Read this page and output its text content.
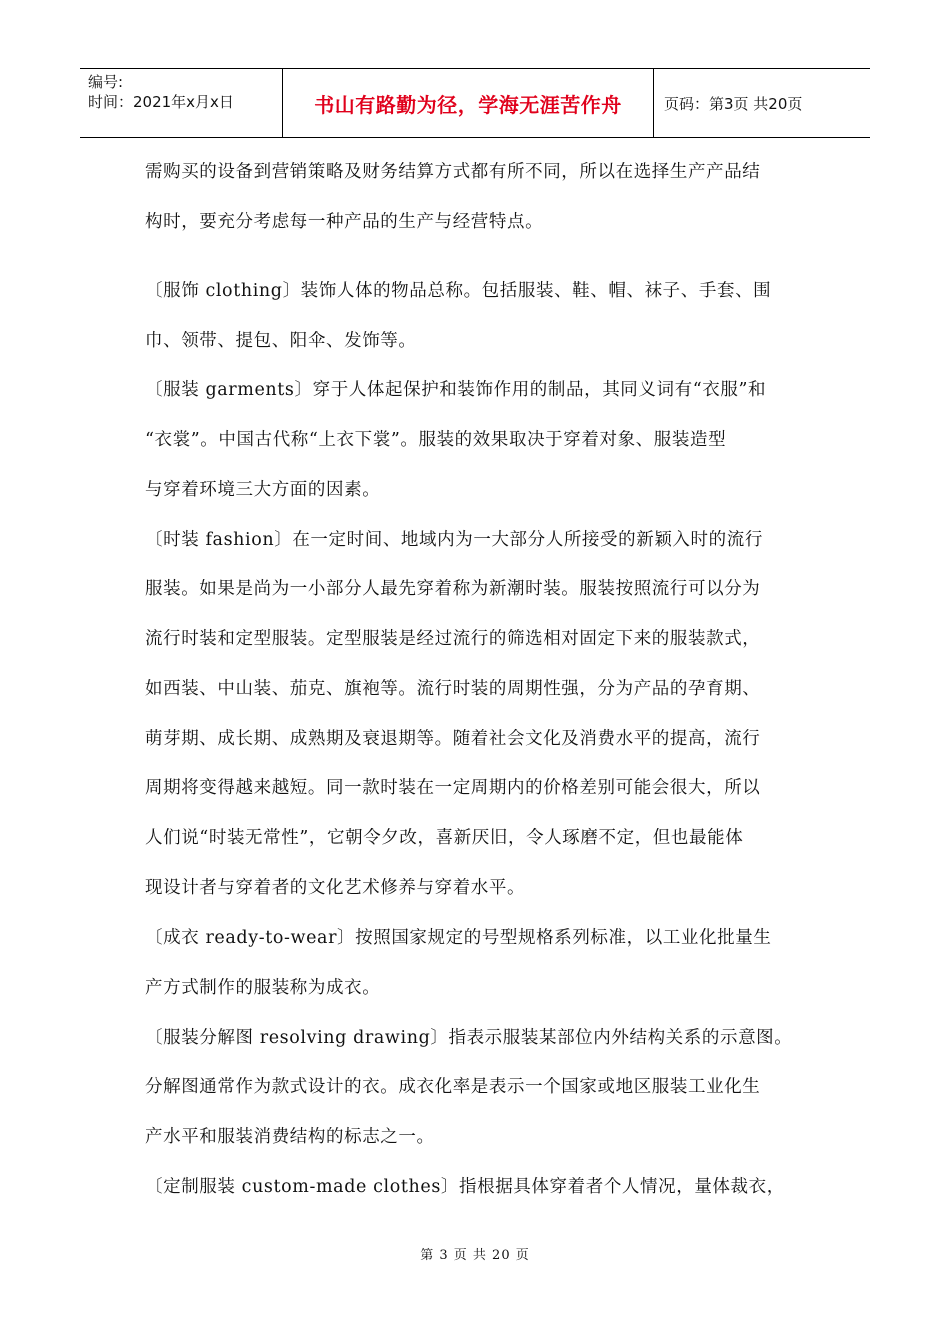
编号:
时间：2021年x月x日	书山有路勤为径，学海无涯苦作舟	页码：第3页 共20页
需购买的设备到营销策略及财务结算方式都有所不同，所以在选择生产产品结
构时，要充分考虑每一种产品的生产与经营特点。
〔服饰 clothing〕装饰人体的物品总称。包括服装、鞋、帽、袜子、手套、围
巾、领带、提包、阳伞、发饰等。
〔服装 garments〕穿于人体起保护和装饰作用的制品，其同义词有“衣服”和
“衣裳”。中国古代称“上衣下裳”。服装的效果取决于穿着对象、服装造型
与穿着环境三大方面的因素。
〔时装 fashion〕在一定时间、地域内为一大部分人所接受的新颖入时的流行
服装。如果是尚为一小部分人最先穿着称为新潮时装。服装按照流行可以分为
流行时装和定型服装。定型服装是经过流行的筛选相对固定下来的服装款式，
如西装、中山装、茄克、旗袍等。流行时装的周期性强，分为产品的孕育期、
萌芽期、成长期、成熟期及衰退期等。随着社会文化及消费水平的提高，流行
周期将变得越来越短。同一款时装在一定周期内的价格差别可能会很大，所以
人们说“时装无常性”，它朝令夕改，喜新厌旧，令人琢磨不定，但也最能体
现设计者与穿着者的文化艺术修养与穿着水平。
〔成衣 ready-to-wear〕按照国家规定的号型规格系列标准，以工业化批量生
产方式制作的服装称为成衣。
〔服装分解图 resolving drawing〕指表示服装某部位内外结构关系的示意图。
分解图通常作为款式设计的衣。成衣化率是表示一个国家或地区服装工业化生
产水平和服装消费结构的标志之一。
〔定制服装 custom-made clothes〕指根据具体穿着者个人情况，量体裁衣，
第 3 页 共 20 页
